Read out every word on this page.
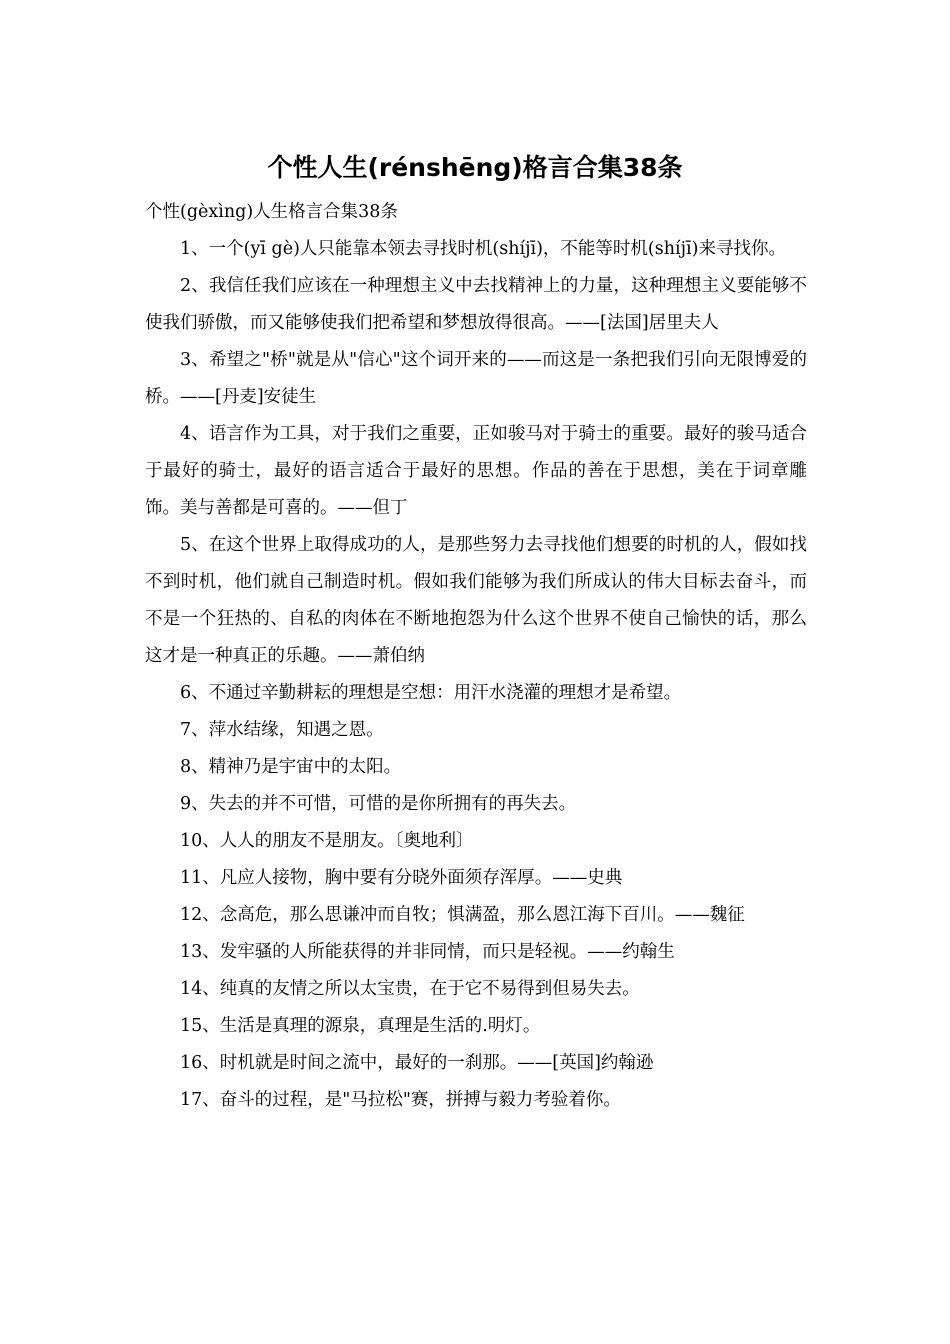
个性人生(rénshēng)格言合集38条

个性(gèxìng)人生格言合集38条

1、一个(yī gè)人只能靠本领去寻找时机(shíjī)，不能等时机(shíjī)来寻找你。

2、我信任我们应该在一种理想主义中去找精神上的力量，这种理想主义要能够不使我们骄傲，而又能够使我们把希望和梦想放得很高。——[法国]居里夫人

3、希望之"桥"就是从"信心"这个词开来的——而这是一条把我们引向无限博爱的桥。——[丹麦]安徒生

4、语言作为工具，对于我们之重要，正如骏马对于骑士的重要。最好的骏马适合于最好的骑士，最好的语言适合于最好的思想。作品的善在于思想，美在于词章雕饰。美与善都是可喜的。——但丁

5、在这个世界上取得成功的人，是那些努力去寻找他们想要的时机的人，假如找不到时机，他们就自己制造时机。假如我们能够为我们所成认的伟大目标去奋斗，而不是一个狂热的、自私的肉体在不断地抱怨为什么这个世界不使自己愉快的话，那么这才是一种真正的乐趣。——萧伯纳

6、不通过辛勤耕耘的理想是空想：用汗水浇灌的理想才是希望。

7、萍水结缘，知遇之恩。

8、精神乃是宇宙中的太阳。

9、失去的并不可惜，可惜的是你所拥有的再失去。

10、人人的朋友不是朋友。〔奥地利〕

11、凡应人接物，胸中要有分晓外面须存浑厚。——史典

12、念高危，那么思谦冲而自牧；惧满盈，那么恩江海下百川。——魏征

13、发牢骚的人所能获得的并非同情，而只是轻视。——约翰生

14、纯真的友情之所以太宝贵，在于它不易得到但易失去。

15、生活是真理的源泉，真理是生活的.明灯。

16、时机就是时间之流中，最好的一刹那。——[英国]约翰逊

17、奋斗的过程，是"马拉松"赛，拼搏与毅力考验着你。
